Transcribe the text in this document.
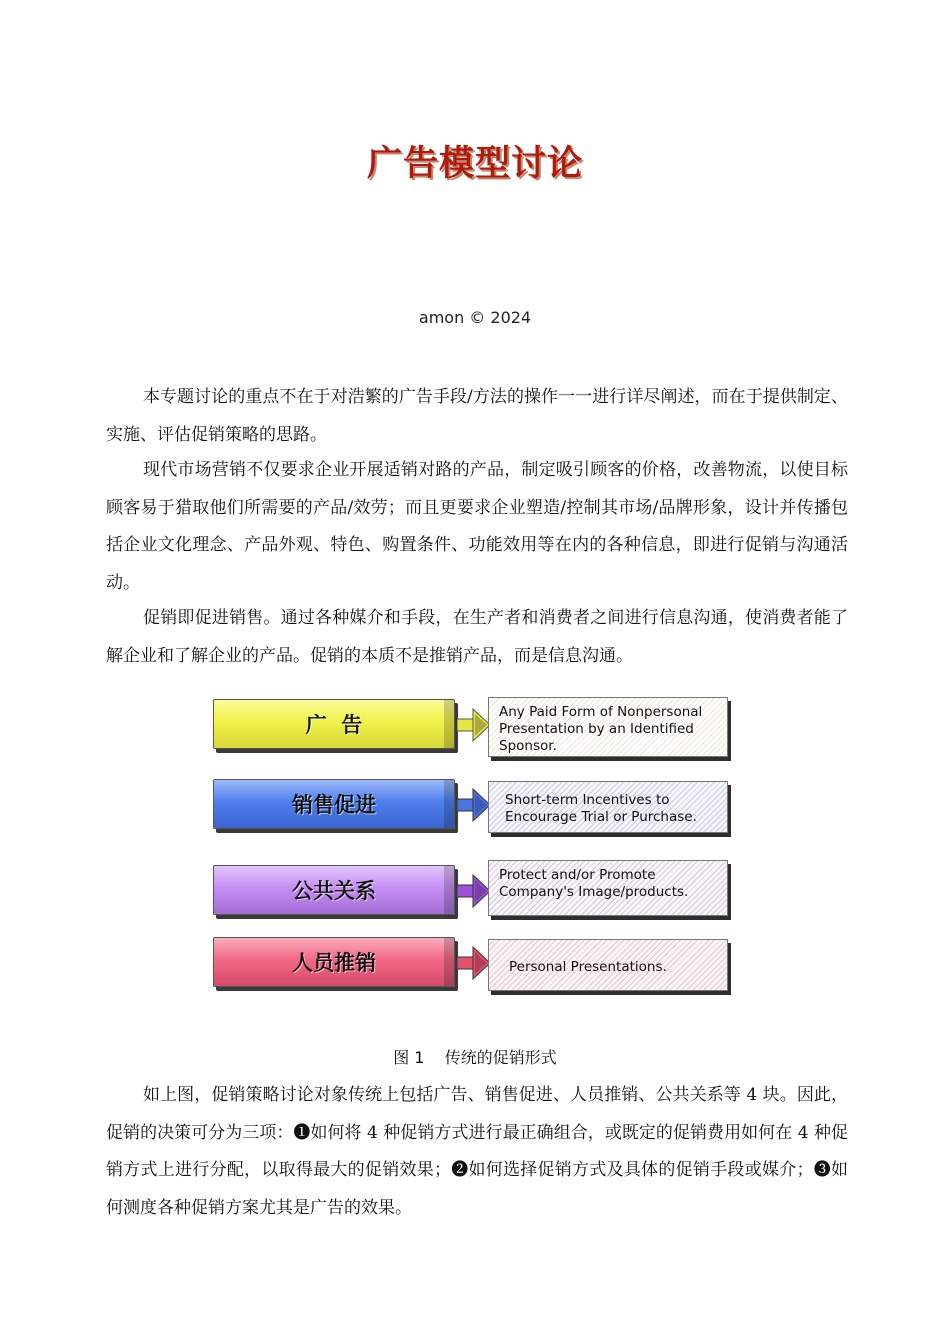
广告模型讨论
amon © 2024

本专题讨论的重点不在于对浩繁的广告手段/方法的操作一一进行详尽阐述，而在于提供制定、实施、评估促销策略的思路。

现代市场营销不仅要求企业开展适销对路的产品，制定吸引顾客的价格，改善物流，以使目标顾客易于猎取他们所需要的产品/效劳；而且更要求企业塑造/控制其市场/品牌形象，设计并传播包括企业文化理念、产品外观、特色、购置条件、功能效用等在内的各种信息，即进行促销与沟通活动。

促销即促进销售。通过各种媒介和手段，在生产者和消费者之间进行信息沟通，使消费者能了解企业和了解企业的产品。促销的本质不是推销产品，而是信息沟通。

广  告
Any Paid Form of Nonpersonal Presentation by an Identified Sponsor.
销售促进	Short-term Incentives to Encourage Trial or Purchase.
公共关系
Protect and/or Promote Company's Image/products.
人员推销	Personal Presentations.
图 1    传统的促销形式

如上图，促销策略讨论对象传统上包括广告、销售促进、人员推销、公共关系等 4 块。因此，促销的决策可分为三项：❶如何将 4 种促销方式进行最正确组合，或既定的促销费用如何在 4 种促销方式上进行分配，以取得最大的促销效果；❷如何选择促销方式及具体的促销手段或媒介；❸如何测度各种促销方案尤其是广告的效果。
